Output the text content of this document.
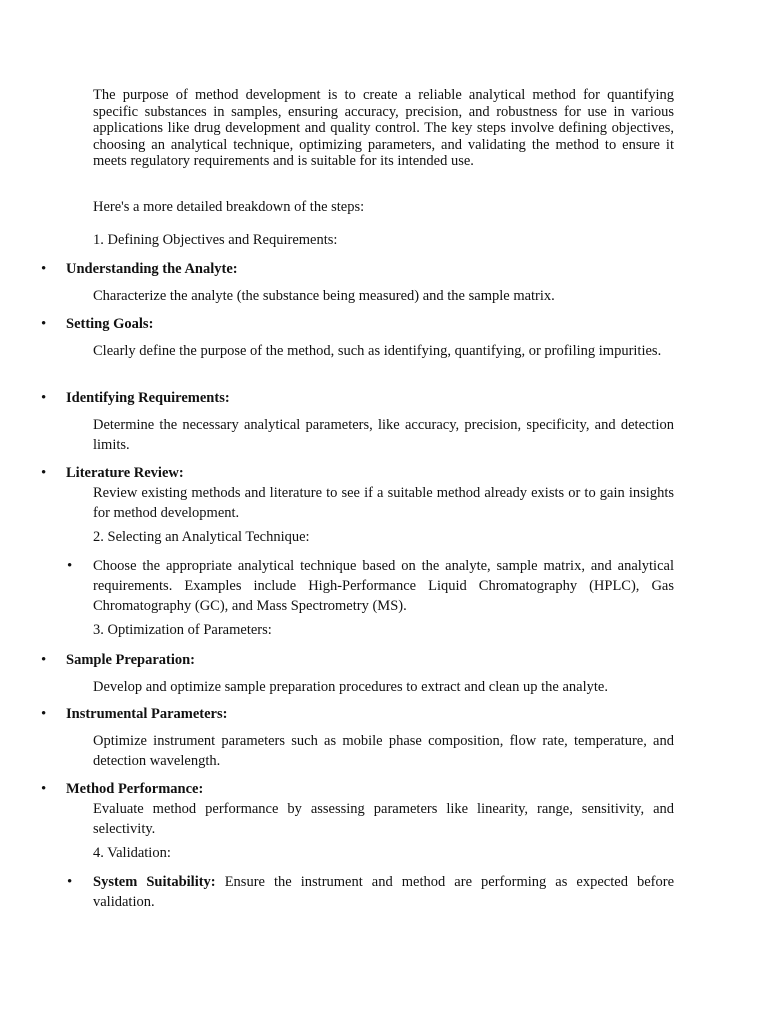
The purpose of method development is to create a reliable analytical method for quantifying specific substances in samples, ensuring accuracy, precision, and robustness for use in various applications like drug development and quality control. The key steps involve defining objectives, choosing an analytical technique, optimizing parameters, and validating the method to ensure it meets regulatory requirements and is suitable for its intended use.

Here's a more detailed breakdown of the steps:

1. Defining Objectives and Requirements:

• Understanding the Analyte:

Characterize the analyte (the substance being measured) and the sample matrix.

• Setting Goals:

Clearly define the purpose of the method, such as identifying, quantifying, or profiling impurities.

• Identifying Requirements:

Determine the necessary analytical parameters, like accuracy, precision, specificity, and detection limits.

• Literature Review:

Review existing methods and literature to see if a suitable method already exists or to gain insights for method development.

2. Selecting an Analytical Technique:

• Choose the appropriate analytical technique based on the analyte, sample matrix, and analytical requirements. Examples include High-Performance Liquid Chromatography (HPLC), Gas Chromatography (GC), and Mass Spectrometry (MS).

3. Optimization of Parameters:

• Sample Preparation:

Develop and optimize sample preparation procedures to extract and clean up the analyte.

• Instrumental Parameters:

Optimize instrument parameters such as mobile phase composition, flow rate, temperature, and detection wavelength.

• Method Performance:

Evaluate method performance by assessing parameters like linearity, range, sensitivity, and selectivity.

4. Validation:

• System Suitability: Ensure the instrument and method are performing as expected before validation.
